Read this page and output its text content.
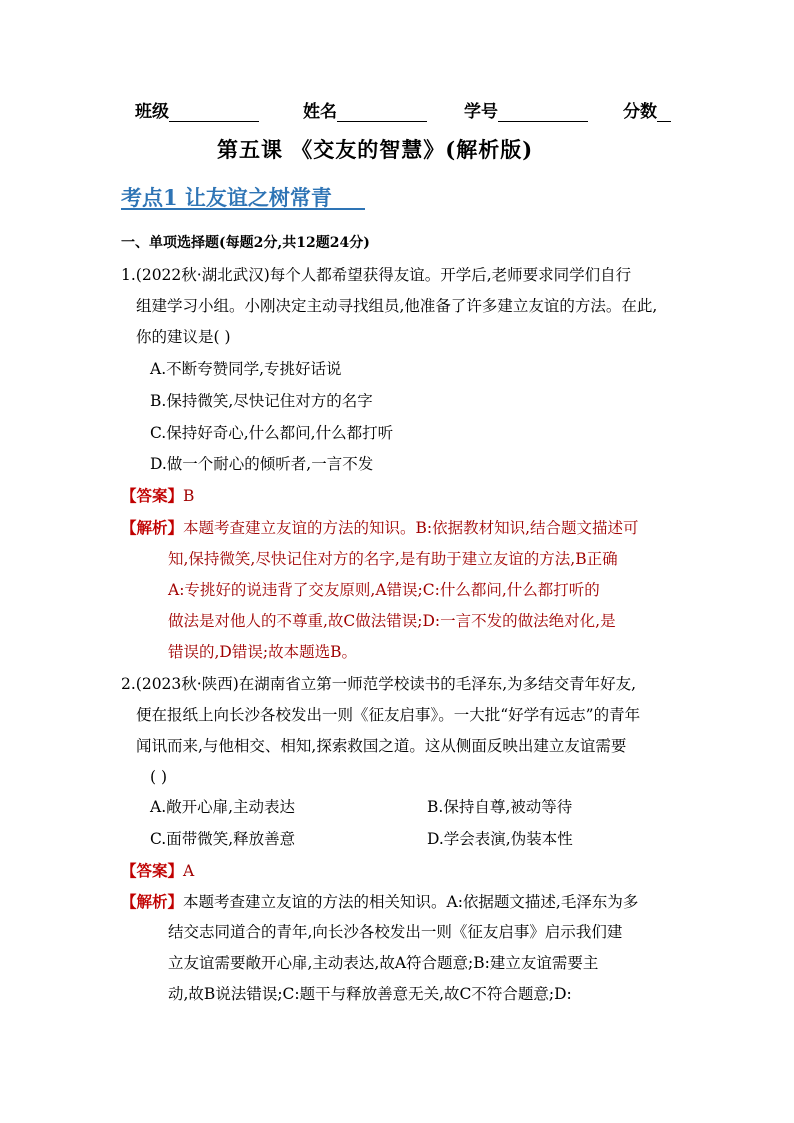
班级	姓名	学号	分数
第五课 《交友的智慧》(解析版)
考点1 让友谊之树常青
一、单项选择题(每题2分,共12题24分)
1.(2022秋·湖北武汉)每个人都希望获得友谊。开学后,老师要求同学们自行
组建学习小组。小刚决定主动寻找组员,他准备了许多建立友谊的方法。在此,
你的建议是( )
A.不断夸赞同学,专挑好话说
B.保持微笑,尽快记住对方的名字
C.保持好奇心,什么都问,什么都打听
D.做一个耐心的倾听者,一言不发
【答案】B
【解析】本题考查建立友谊的方法的知识。B:依据教材知识,结合题文描述可
知,保持微笑,尽快记住对方的名字,是有助于建立友谊的方法,B正确
A:专挑好的说违背了交友原则,A错误;C:什么都问,什么都打听的
做法是对他人的不尊重,故C做法错误;D:一言不发的做法绝对化,是
错误的,D错误;故本题选B。
2.(2023秋·陕西)在湖南省立第一师范学校读书的毛泽东,为多结交青年好友,
便在报纸上向长沙各校发出一则《征友启事》。一大批“好学有远志”的青年
闻讯而来,与他相交、相知,探索救国之道。这从侧面反映出建立友谊需要
( )
A.敞开心扉,主动表达	B.保持自尊,被动等待
C.面带微笑,释放善意	D.学会表演,伪装本性
【答案】A
【解析】本题考查建立友谊的方法的相关知识。A:依据题文描述,毛泽东为多
结交志同道合的青年,向长沙各校发出一则《征友启事》启示我们建
立友谊需要敞开心扉,主动表达,故A符合题意;B:建立友谊需要主
动,故B说法错误;C:题干与释放善意无关,故C不符合题意;D:
